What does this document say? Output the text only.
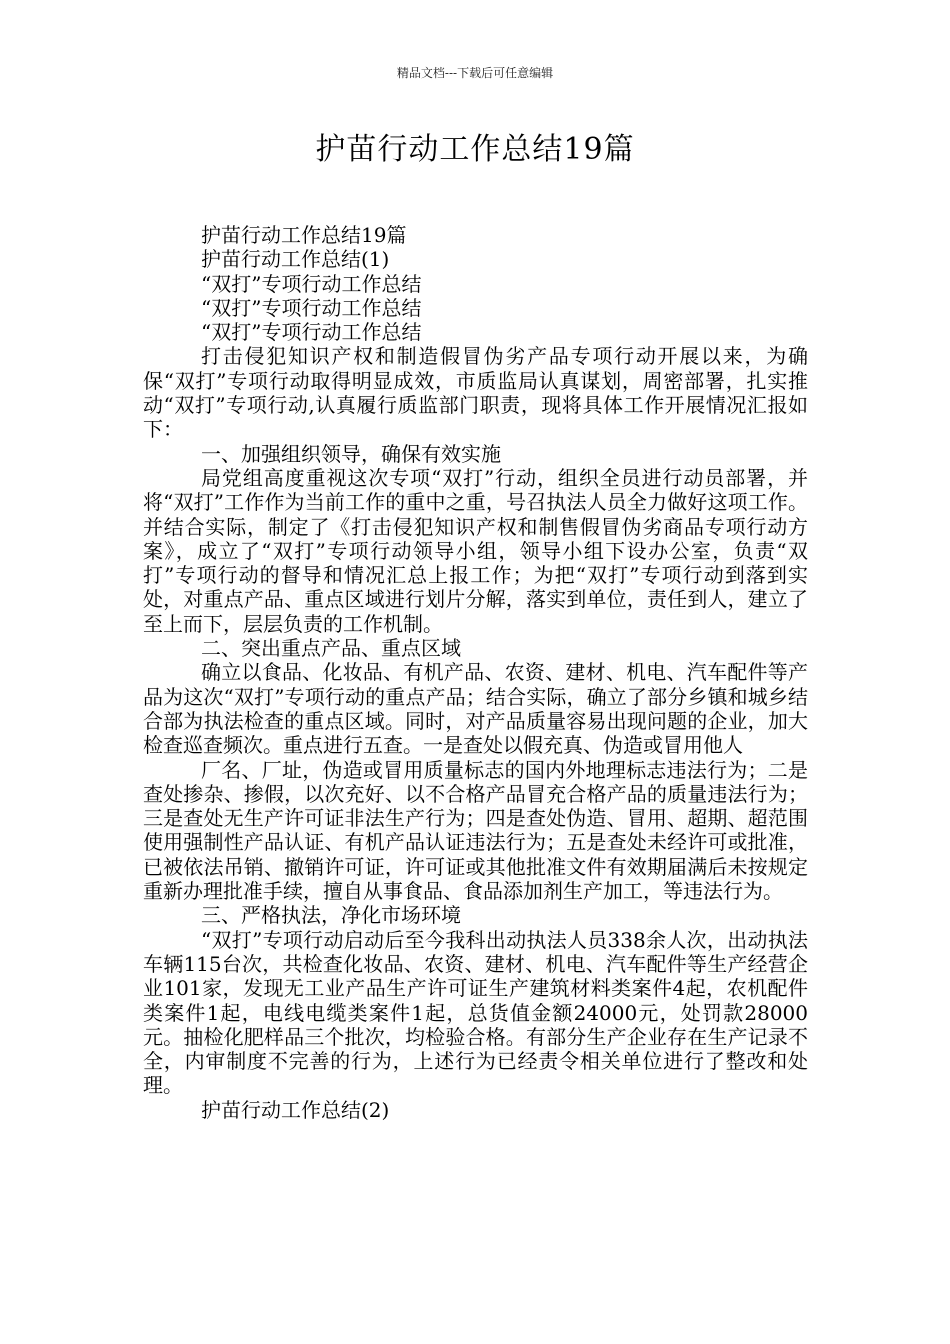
精品文档---下载后可任意编辑
护苗行动工作总结19篇

护苗行动工作总结19篇

护苗行动工作总结(1)

“双打”专项行动工作总结

“双打”专项行动工作总结

“双打”专项行动工作总结

打击侵犯知识产权和制造假冒伪劣产品专项行动开展以来，为确保“双打”专项行动取得明显成效，市质监局认真谋划，周密部署，扎实推动“双打”专项行动,认真履行质监部门职责，现将具体工作开展情况汇报如下：

一、加强组织领导，确保有效实施

局党组高度重视这次专项“双打”行动，组织全员进行动员部署，并将“双打”工作作为当前工作的重中之重，号召执法人员全力做好这项工作。并结合实际，制定了《打击侵犯知识产权和制售假冒伪劣商品专项行动方案》，成立了“双打”专项行动领导小组，领导小组下设办公室，负责“双打”专项行动的督导和情况汇总上报工作；为把“双打”专项行动到落到实处，对重点产品、重点区域进行划片分解，落实到单位，责任到人，建立了至上而下，层层负责的工作机制。

二、突出重点产品、重点区域

确立以食品、化妆品、有机产品、农资、建材、机电、汽车配件等产品为这次“双打”专项行动的重点产品；结合实际，确立了部分乡镇和城乡结合部为执法检查的重点区域。同时，对产品质量容易出现问题的企业，加大检查巡查频次。重点进行五查。一是查处以假充真、伪造或冒用他人

厂名、厂址，伪造或冒用质量标志的国内外地理标志违法行为；二是查处掺杂、掺假，以次充好、以不合格产品冒充合格产品的质量违法行为；三是查处无生产许可证非法生产行为；四是查处伪造、冒用、超期、超范围使用强制性产品认证、有机产品认证违法行为；五是查处未经许可或批准，已被依法吊销、撤销许可证，许可证或其他批准文件有效期届满后未按规定重新办理批准手续，擅自从事食品、食品添加剂生产加工，等违法行为。

三、严格执法，净化市场环境

“双打”专项行动启动后至今我科出动执法人员338余人次，出动执法车辆115台次，共检查化妆品、农资、建材、机电、汽车配件等生产经营企业101家，发现无工业产品生产许可证生产建筑材料类案件4起，农机配件类案件1起，电线电缆类案件1起，总货值金额24000元，处罚款28000元。抽检化肥样品三个批次，均检验合格。有部分生产企业存在生产记录不全，内审制度不完善的行为，上述行为已经责令相关单位进行了整改和处理。

护苗行动工作总结(2)
